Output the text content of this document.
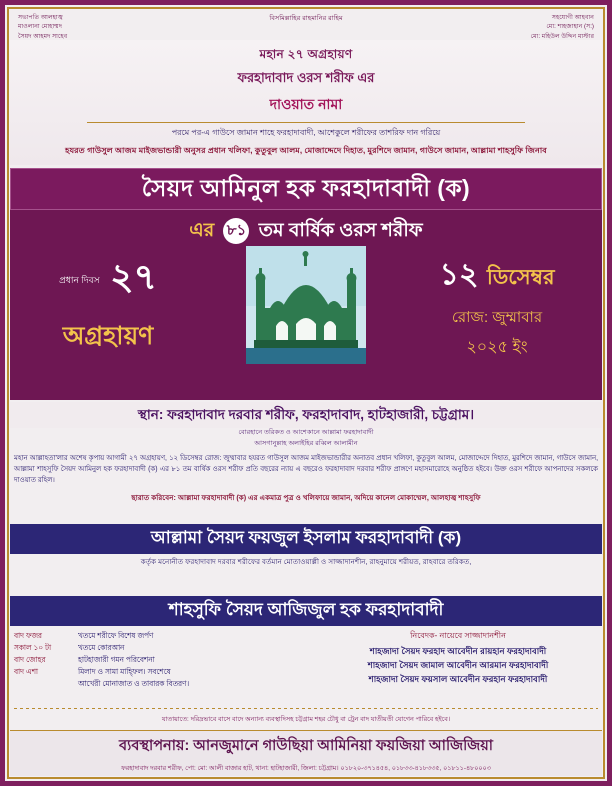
সভাপতি আলহাজ্ব
মাওলানা মোহাম্মদ
সৈয়দ আহমদ সাহেব
বিসমিল্লাহির রাহমানির রাহিম	সহযোগী আহবান
মো: শাহজাহান (স:)
মো: মহিউল উদ্দিন মাস্টার
মহান ২৭ অগ্রহায়ণ
ফরহাদাবাদ ওরস শরীফ এর
দাওয়াত নামা
পরমে পর-এ গাউসে জামান শাহে ফরহাদাবাদী, আশেকুলে শরীফের তাশরিফ দান গরিয়ে
হযরত গাউসুল আজম মাইজভান্ডারী অনুসর প্রধান খলিফা, কুতুবুল আলম, মোজাদ্দেদে দিহাত, মুরশিদে জামান, গাউসে জামান, আল্লামা শাহসুফি জিনাব
সৈয়দ আমিনুল হক ফরহাদাবাদী (ক)
এর ৮১ তম বার্ষিক ওরস শরীফ
প্রধান দিবস ২৭
অগ্রহায়ণ
১২ ডিসেম্বর
রোজ: জুম্মাবার
২০২৫ ইং
স্থান: ফরহাদাবাদ দরবার শরীফ, ফরহাদাবাদ, হাটহাজারী, চট্টগ্রাম।
বোরহানে তরিকত ও আশেকানে আল্লামা ফরহাদাবাদী
আসগানুল্লাহ অলাইহির রব্বিল আলামীন
মহান আল্লাহতা'লার অশেষ কৃপায় আগামী ২৭ অগ্রহায়ণ, ১২ ডিসেম্বর রোজ: জুম্মাবার হযরত গাউসুল আজম মাইজভান্ডারীর অনাতব প্রধান খলিফা, কুতুবুল আলম, মোজাদ্দেদে দিহাত, মুরশিদে জামান, গাউসে জামান, আল্লামা শাহসুফি সৈয়দ আমিনুল হক ফরহাদাবাদী (ক) এর ৮১ তম বার্ষিক ওরস শরীফ প্রতি বছরের ন্যায় এ বছরেও ফরহাদাবাদ দরবার শরীফ প্রাঙ্গণে মহাসমারোহে অনুষ্ঠিত হইবে। উক্ত ওরস শরীফে আপনাদের সকলকে দাওয়াত রহিল।
ছারাত করিবেন: আল্লামা ফরহাদাবাদী (ক) এর একমাত্র পুত্র ও খলিফায়ে জামান, অদিয়ে কানেল মোকাম্মেল, আলহাজ্ব শাহসুফি
আল্লামা সৈয়দ ফয়জুল ইসলাম ফরহাদাবাদী (ক)
কর্তৃক মনোনীত ফরহাদাবাদ দরবার শরীফের বর্তমান মোতাওয়াল্লী ও সাজ্জাদানশীন, রাহনুমায়ে শরীয়ত, রাহবারে তরিকত,
শাহসুফি সৈয়দ আজিজুল হক ফরহাদাবাদী
বাদ ফজর	খতমে শরীফে বিশেষ জর্পণ
সকাল ১০ টা	খতমে কোরআন
বাদ জোহর	হাটহাজারী গমন পরিবেশনা
বাদ এশা	মিলাদ ও সামা মাহ্ফিল। সবশেষে
আখেরী মোনাজাত ও তাবারক বিতরণ।
নিবেদক- নায়েবে সাজ্জাদানশীন
শাহজাদা সৈয়দ ফরহাদ আবেদীন রায়হান ফরহাদাবাদী
শাহজাদা সৈয়দ জামাল আবেদীন আরমান ফরহাদাবাদী
শাহজাদা সৈয়দ ফয়সাল আবেদীন ফরহান ফরহাদাবাদী
যাতায়াতে: দরিদ্রভাবে বাসে বাদে অন্যান্য ব্যবস্থাদিসহ চট্টগ্রাম শহর চৌধু বা ট্রেন বাদ যাতীয়তী যোগেন পারিবে হইবে।
ব্যবস্থাপনায়: আনজুমানে গাউছিয়া আমিনিয়া ফয়জিয়া আজিজিয়া
ফরহাদাবাদ দরবার শরীফ, পো: মো: আলী বাজার হাট, থানা: হাটহাজারী, জিলা: চট্টগ্রাম। ০১৮২০-৩৭১৪৫৪, ০১৮৩৩-৪১৮৩৩৫, ০১৮১১-৪৮০০০৩
